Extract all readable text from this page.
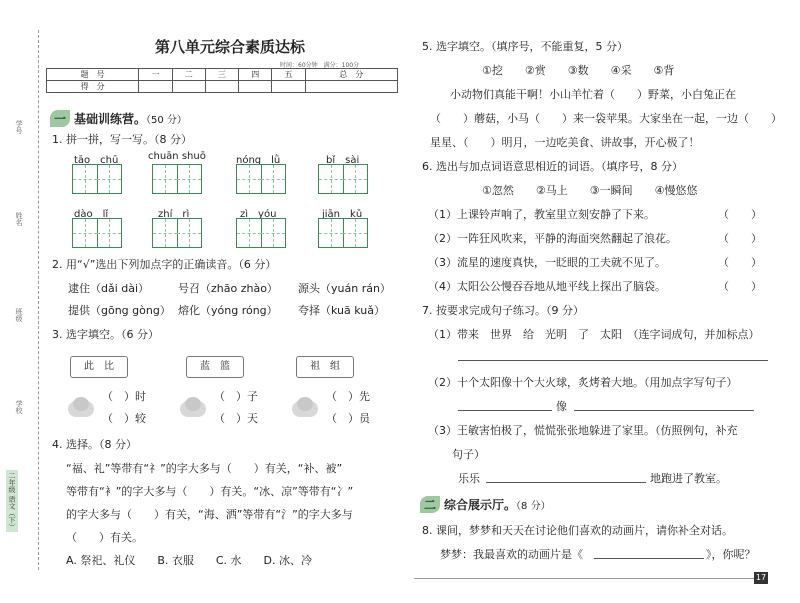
学号
姓名
班级
学校
二年级 语文（下）
第八单元综合素质达标
时间：60分钟　满分：100分
题　号	一	二	三	四	五	总　分
得　分						
一 基础训练营。（50 分）
1. 拼一拼，写一写。（8 分）
tāo　chū	chuān shuō	nóng　lǜ	bǐ　sài
dào　lǐ	zhí　rì	zì　yóu	jiān　kǔ
2. 用“√”选出下列加点字的正确读音。（6 分）
逮住（dǎi dài）	号召（zhāo zhào） 源头（yuán rán）
提供（gōng gòng） 熔化（yóng róng） 夸择（kuā kuǎ）
3. 选字填空。（6 分）
此　比	蓝　篮	祖　组
（　）时
（　）较
（　）子
（　）天
（　）先
（　）员
4. 选择。（8 分）
“福、礼”等带有“礻”的字大多与（　　）有关，“补、被”
等带有“衤”的字大多与（　　）有关。“冰、凉”等带有“冫”
的字大多与（　　）有关，“海、洒”等带有“氵”的字大多与
（　　）有关。
A. 祭祀、礼仪　　B. 衣服　　C. 水　　D. 冰、冷
5. 选字填空。（填序号，不能重复，5 分）
①挖　　②赏　　③数　　④采　　⑤背
小动物们真能干啊！小山羊忙着（　　）野菜，小白兔正在
（　　）蘑菇，小马（　　）来一袋苹果。大家坐在一起，一边（　　）
星星、（　　）明月，一边吃美食、讲故事，开心极了！
6. 选出与加点词语意思相近的词语。（填序号，8 分）
①忽然　　②马上　　③一瞬间　　④慢悠悠
（1）上课铃声响了，教室里立刻安静了下来。	（　　）
（2）一阵狂风吹来，平静的海面突然翻起了浪花。	（　　）
（3）流星的速度真快，一眨眼的工夫就不见了。	（　　）
（4）太阳公公慢吞吞地从地平线上探出了脑袋。	（　　）
7. 按要求完成句子练习。（9 分）
（1）带来　世界　给　光明　了　太阳　（连字词成句，并加标点）
（2）十个太阳像十个大火球，炙烤着大地。（用加点字写句子）
像
（3）王敏害怕极了，慌慌张张地躲进了家里。（仿照例句，补充
句子）
乐乐	地跑进了教室。
二 综合展示厅。（8 分）
8. 课间，梦梦和天天在讨论他们喜欢的动画片，请你补全对话。
梦梦：我最喜欢的动画片是《	》，你呢？
17
